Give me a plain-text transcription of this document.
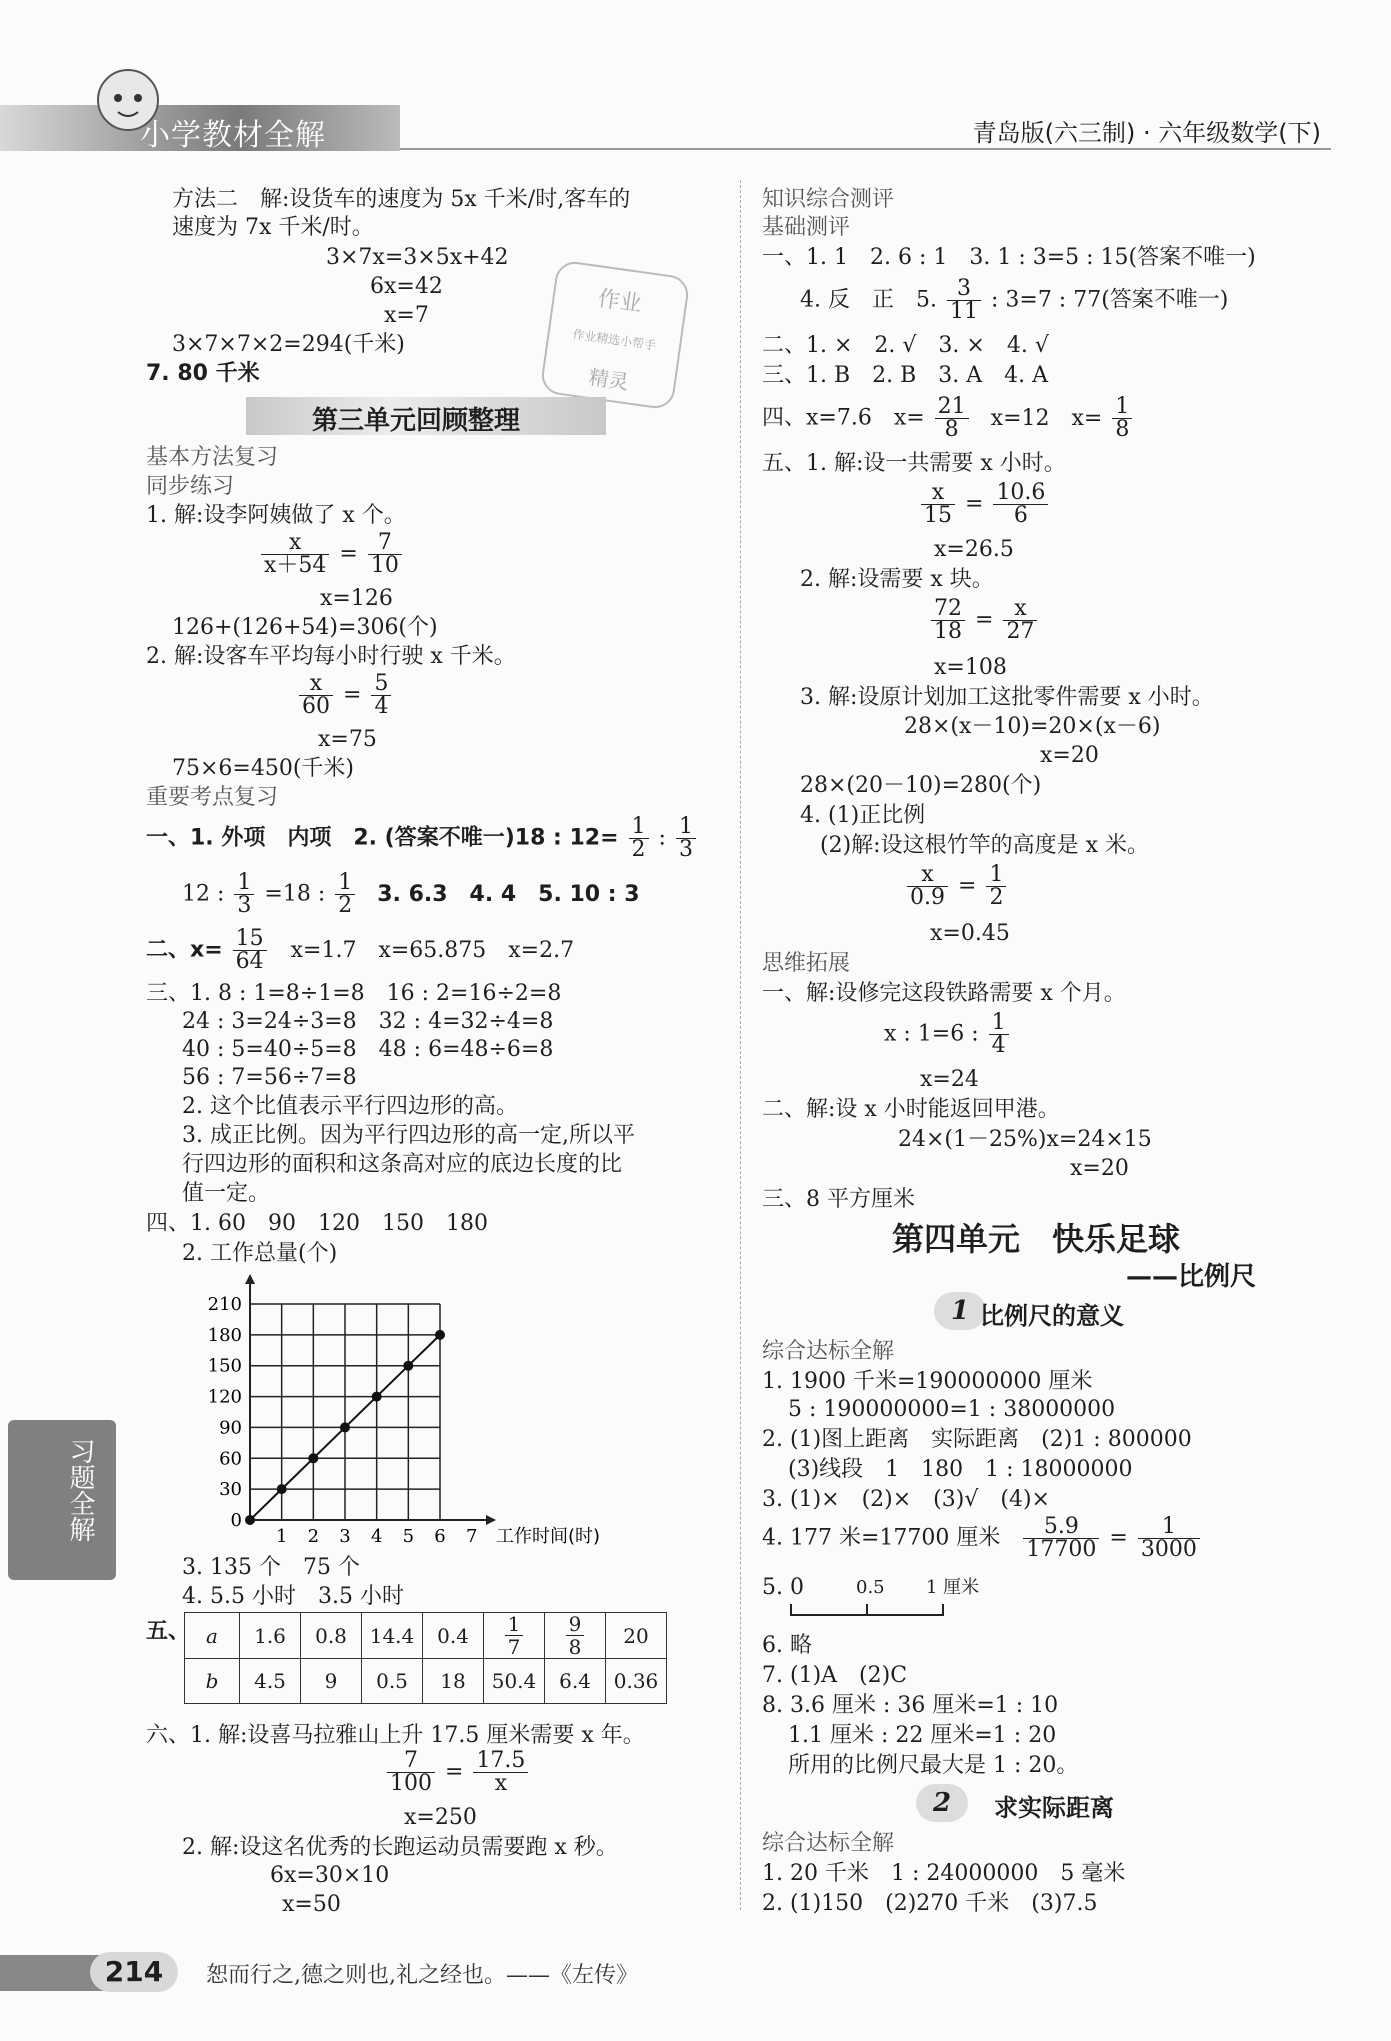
小学教材全解	青岛版(六三制) · 六年级数学(下)
习题全解
作业
作业精选小帮手
精灵
方法二　解:设货车的速度为 5x 千米/时,客车的
速度为 7x 千米/时。
3×7x=3×5x+42
6x=42
x=7
3×7×7×2=294(千米)
7. 80 千米
第三单元回顾整理
基本方法复习
同步练习
1. 解:设李阿姨做了 x 个。
$\frac{x}{x+54} = \frac{7}{10}$
x=126
126+(126+54)=306(个)
2. 解:设客车平均每小时行驶 x 千米。
$\frac{x}{60} = \frac{5}{4}$
x=75
75×6=450(千米)
重要考点复习
一、1. 外项　内项　2. (答案不唯一)18 : $12= \frac{1}{2}$ : $\frac{1}{3}$
12 : $\frac{1}{3} =18$ : $\frac{1}{2} 3$. 6.3　4. 4　5. 10 : 3
二、$x= \frac{15}{64} x=1.7$　x=65.875　x=2.7
三、1. 8 : 1=8÷1=8　16 : 2=16÷2=8
24 : 3=24÷3=8　32 : 4=32÷4=8
40 : 5=40÷5=8　48 : 6=48÷6=8
56 : 7=56÷7=8
2. 这个比值表示平行四边形的高。
3. 成正比例。因为平行四边形的高一定,所以平
行四边形的面积和这条高对应的底边长度的比
值一定。
四、1. 60　90　120　150　180
2. 工作总量(个)
0
30
60
90
120
150
180
210
1 2 3 4 5 6 7 工作时间(时)
3. 135 个　75 个
4. 5.5 小时　3.5 小时
五、 a	1.6	0.8	14.4	0.4	$\frac{1}{7}$	$\frac{9}{8}$	20
b	4.5	9	0.5	18	50.4	6.4	0.36
六、1. 解:设喜马拉雅山上升 17.5 厘米需要 x 年。
$\frac{7}{100} = \frac{17.5}{x}$
x=250
2. 解:设这名优秀的长跑运动员需要跑 x 秒。
6x=30×10
x=50
知识综合测评
基础测评
一、1. 1　2. 6 : 1　3. 1 : 3=5 : 15(答案不唯一)
4. 反　正　5. $\frac{3}{11}$ : 3=7 : 77(答案不唯一)
二、1. ×　2. √　3. ×　4. √
三、1. B　2. B　3. A　4. A
四、x=7.6　$x= \frac{21}{8} x=12$　$x= \frac{1}{8}$
五、1. 解:设一共需要 x 小时。
$\frac{x}{15} = \frac{10.6}{6}$
x=26.5
2. 解:设需要 x 块。
$\frac{72}{18} = \frac{x}{27}$
x=108
3. 解:设原计划加工这批零件需要 x 小时。
28×(x－10)=20×(x－6)
x=20
28×(20－10)=280(个)
4. (1)正比例
(2)解:设这根竹竿的高度是 x 米。
$\frac{x}{0.9} = \frac{1}{2}$
x=0.45
思维拓展
一、解:设修完这段铁路需要 x 个月。
x : 1=6 : $\frac{1}{4}$
x=24
二、解:设 x 小时能返回甲港。
24×(1－25%)x=24×15
x=20
三、8 平方厘米
第四单元　快乐足球
——比例尺
1 比例尺的意义
综合达标全解
1. 1900 千米=190000000 厘米
5 : 190000000=1 : 38000000
2. (1)图上距离　实际距离　(2)1 : 800000
(3)线段　1　180　1 : 18000000
3. (1)×　(2)×　(3)√　(4)×
4. 177 米=17700 厘米 $\frac{5.9}{17700} = \frac{1}{3000}$
5. 0	0.5 1 厘米
6. 略
7. (1)A　(2)C
8. 3.6 厘米 : 36 厘米=1 : 10
1.1 厘米 : 22 厘米=1 : 20
所用的比例尺最大是 1 : 20。
2	求实际距离
综合达标全解
1. 20 千米　1 : 24000000　5 毫米
2. (1)150　(2)270 千米　(3)7.5
214	恕而行之,德之则也,礼之经也。——《左传》
